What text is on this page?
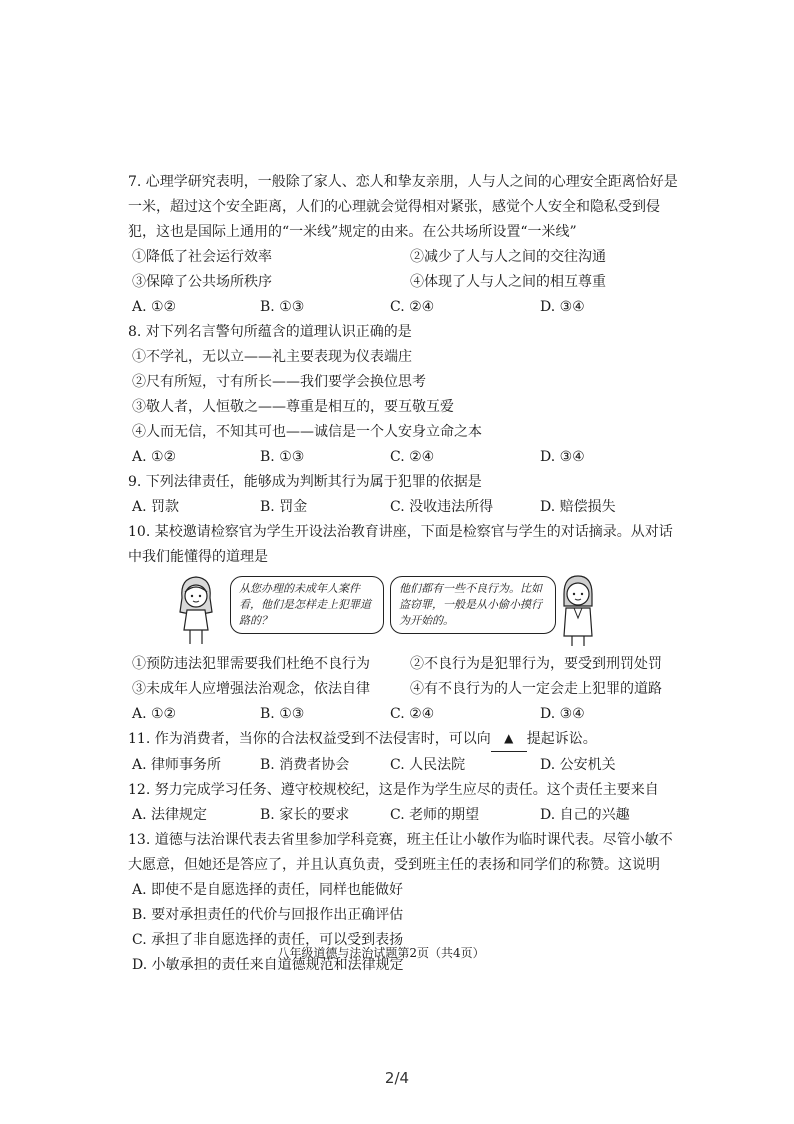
7. 心理学研究表明，一般除了家人、恋人和挚友亲朋，人与人之间的心理安全距离恰好是
一米，超过这个安全距离，人们的心理就会觉得相对紧张，感觉个人安全和隐私受到侵
犯，这也是国际上通用的“一米线”规定的由来。在公共场所设置“一米线”
①降低了社会运行效率	②减少了人与人之间的交往沟通
③保障了公共场所秩序	④体现了人与人之间的相互尊重
A. ①②	B. ①③	C. ②④	D. ③④
8. 对下列名言警句所蕴含的道理认识正确的是
①不学礼，无以立——礼主要表现为仪表端庄
②尺有所短，寸有所长——我们要学会换位思考
③敬人者，人恒敬之——尊重是相互的，要互敬互爱
④人而无信，不知其可也——诚信是一个人安身立命之本
A. ①②	B. ①③	C. ②④	D. ③④
9. 下列法律责任，能够成为判断其行为属于犯罪的依据是
A. 罚款	B. 罚金	C. 没收违法所得	D. 赔偿损失
10. 某校邀请检察官为学生开设法治教育讲座，下面是检察官与学生的对话摘录。从对话
中我们能懂得的道理是
从您办理的未成年人案件看，他们是怎样走上犯罪道路的？
他们都有一些不良行为。比如盗窃罪，一般是从小偷小摸行为开始的。
①预防违法犯罪需要我们杜绝不良行为	②不良行为是犯罪行为，要受到刑罚处罚
③未成年人应增强法治观念，依法自律	④有不良行为的人一定会走上犯罪的道路
A. ①②	B. ①③	C. ②④	D. ③④
11. 作为消费者，当你的合法权益受到不法侵害时，可以向 ▲ 提起诉讼。
A. 律师事务所	B. 消费者协会	C. 人民法院	D. 公安机关
12. 努力完成学习任务、遵守校规校纪，这是作为学生应尽的责任。这个责任主要来自
A. 法律规定	B. 家长的要求	C. 老师的期望	D. 自己的兴趣
13. 道德与法治课代表去省里参加学科竞赛，班主任让小敏作为临时课代表。尽管小敏不
大愿意，但她还是答应了，并且认真负责，受到班主任的表扬和同学们的称赞。这说明
A. 即使不是自愿选择的责任，同样也能做好
B. 要对承担责任的代价与回报作出正确评估
C. 承担了非自愿选择的责任，可以受到表扬
D. 小敏承担的责任来自道德规范和法律规定
八年级道德与法治试题第2页（共4页）
2/4
